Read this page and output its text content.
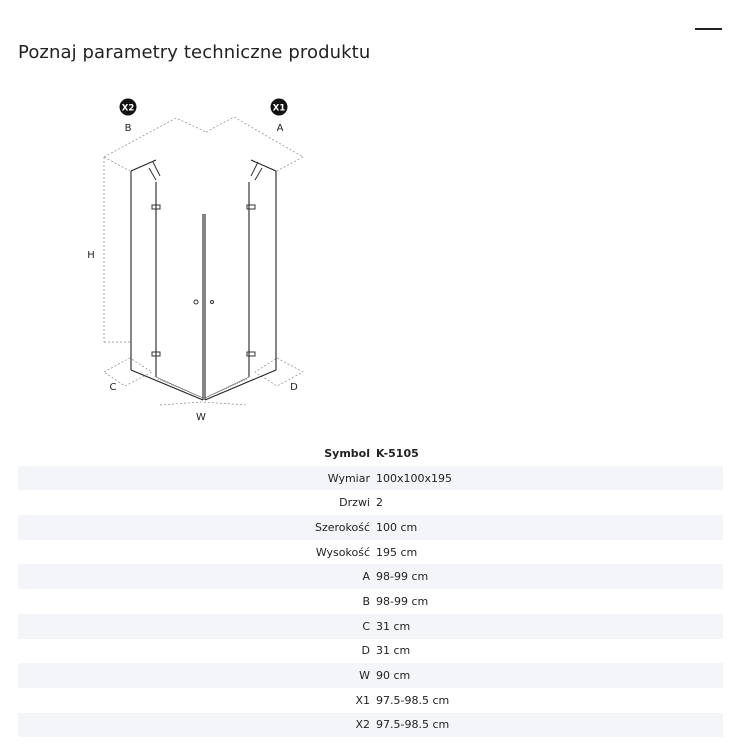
Poznaj parametry techniczne produktu
X2	X1
B	A
H
C	D
W
Symbol	K-5105
Wymiar	100x100x195
Drzwi	2
Szerokość	100 cm
Wysokość	195 cm
A	98-99 cm
B	98-99 cm
C	31 cm
D	31 cm
W	90 cm
X1	97.5-98.5 cm
X2	97.5-98.5 cm
